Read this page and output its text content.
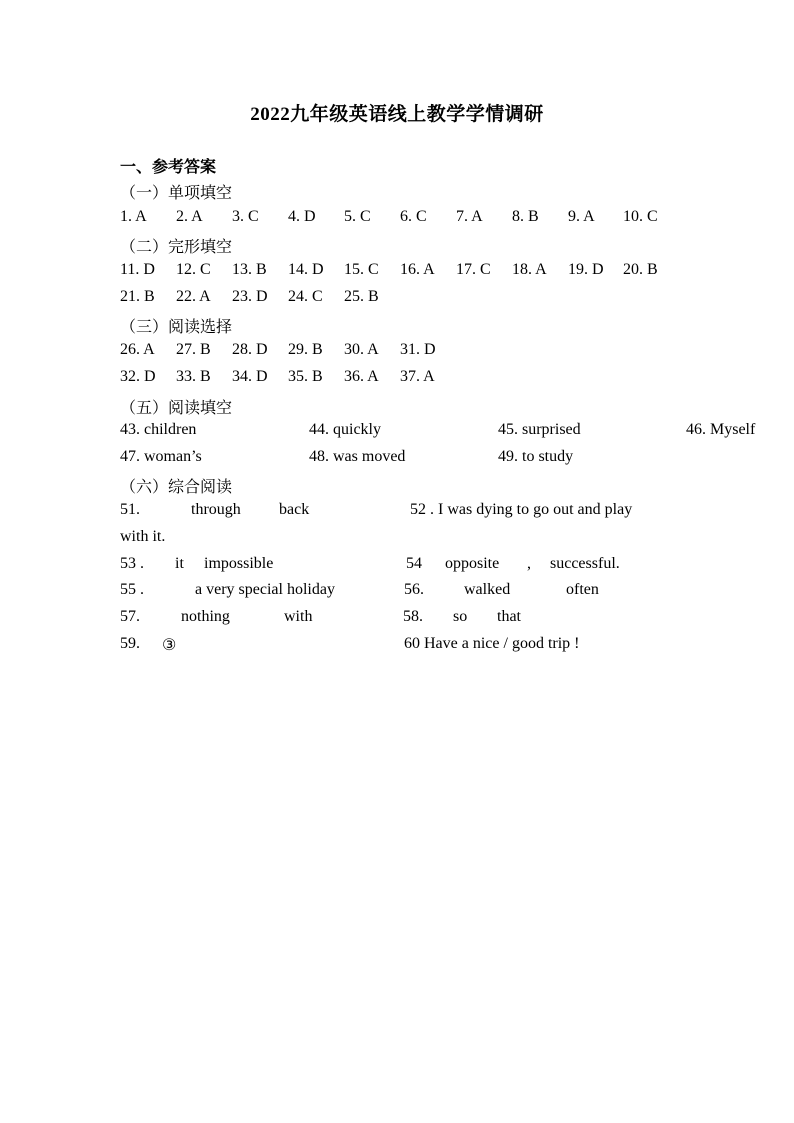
2022九年级英语线上教学学情调研
一、参考答案
（一）单项填空
1. A 2. A 3. C 4. D 5. C 6. C 7. A 8. B 9. A 10. C
（二）完形填空
11. D 12. C 13. B 14. D 15. C 16. A 17. C 18. A 19. D 20. B
21. B 22. A 23. D 24. C 25. B
（三）阅读选择
26. A 27. B 28. D 29. B 30. A 31. D
32. D 33. B 34. D 35. B 36. A 37. A
（五）阅读填空
43. children	44. quickly	45. surprised	46. Myself
47. woman’s	48. was moved	49. to study
（六）综合阅读
51.	through back	52 . I was dying to go out and play
with it.
53 . it impossible	54 opposite , successful.
55 .	a very special holiday	56.	walked	often
57.	nothing	with	58. so that
59. ③	60 Have a nice / good trip !
